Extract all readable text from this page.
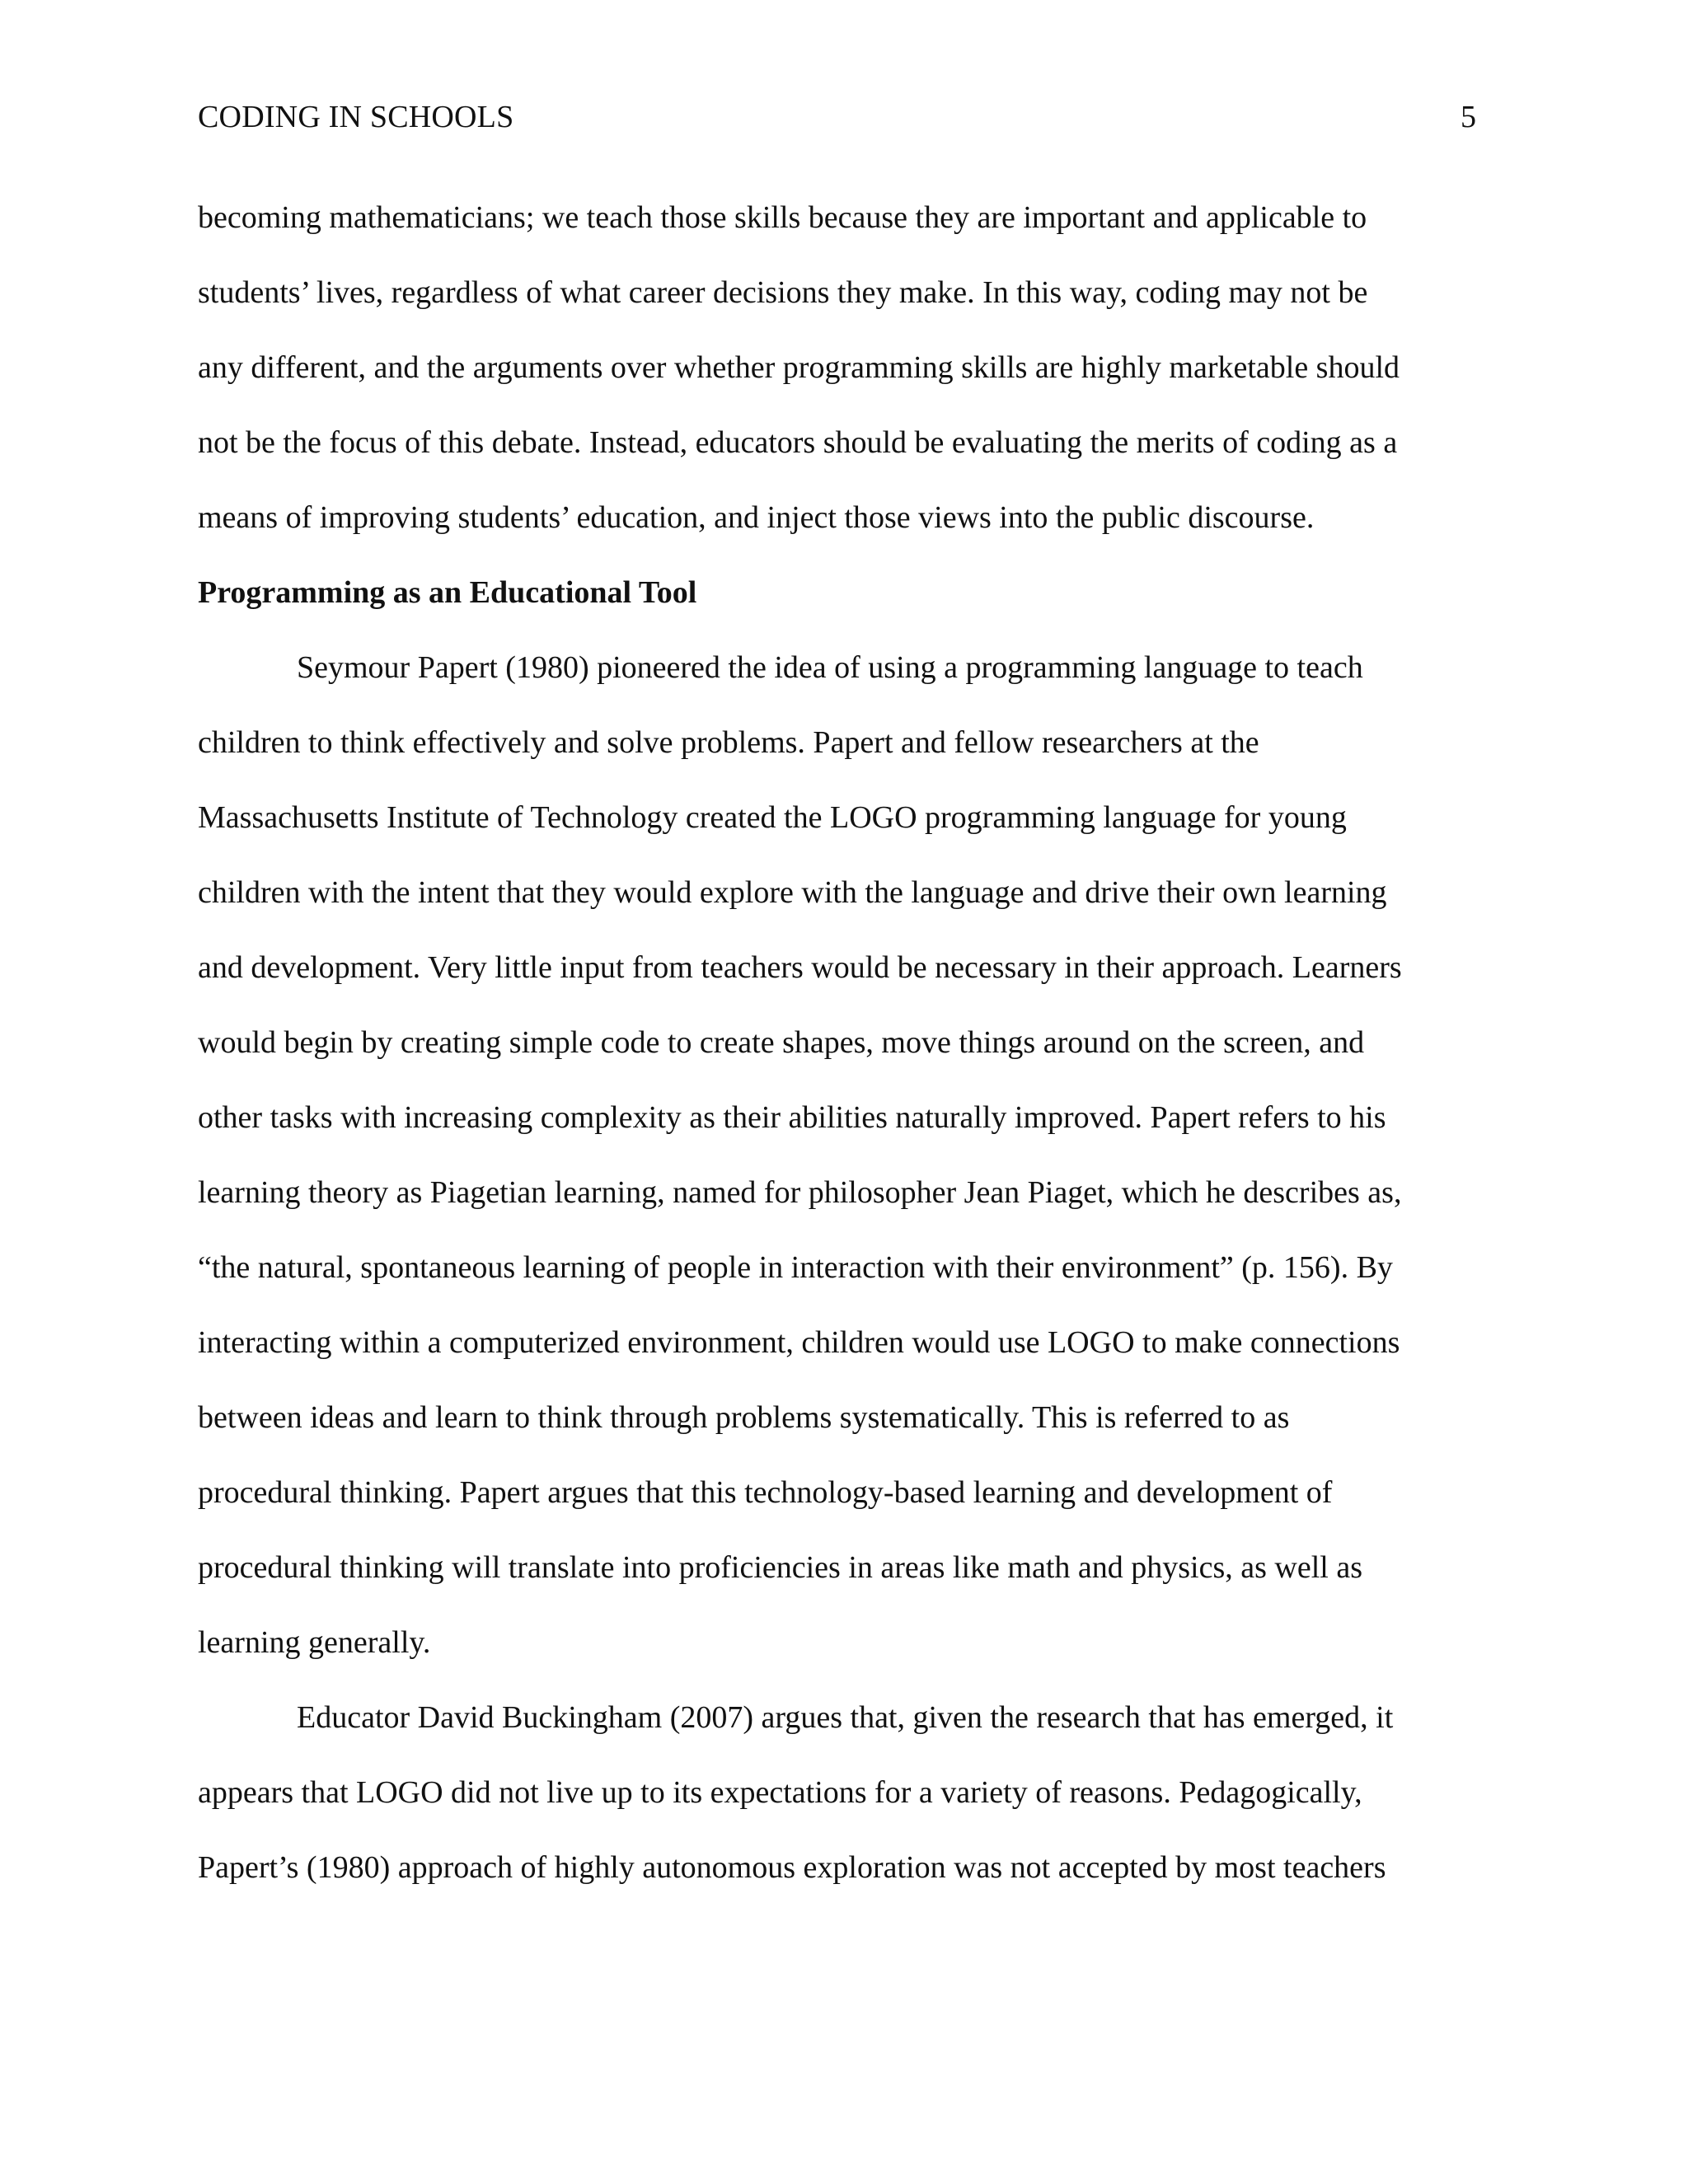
CODING IN SCHOOLS	5
becoming mathematicians; we teach those skills because they are important and applicable to
students’ lives, regardless of what career decisions they make. In this way, coding may not be
any different, and the arguments over whether programming skills are highly marketable should
not be the focus of this debate. Instead, educators should be evaluating the merits of coding as a
means of improving students’ education, and inject those views into the public discourse.
Programming as an Educational Tool
Seymour Papert (1980) pioneered the idea of using a programming language to teach
children to think effectively and solve problems. Papert and fellow researchers at the
Massachusetts Institute of Technology created the LOGO programming language for young
children with the intent that they would explore with the language and drive their own learning
and development. Very little input from teachers would be necessary in their approach. Learners
would begin by creating simple code to create shapes, move things around on the screen, and
other tasks with increasing complexity as their abilities naturally improved. Papert refers to his
learning theory as Piagetian learning, named for philosopher Jean Piaget, which he describes as,
“the natural, spontaneous learning of people in interaction with their environment” (p. 156). By
interacting within a computerized environment, children would use LOGO to make connections
between ideas and learn to think through problems systematically. This is referred to as
procedural thinking. Papert argues that this technology-based learning and development of
procedural thinking will translate into proficiencies in areas like math and physics, as well as
learning generally.
Educator David Buckingham (2007) argues that, given the research that has emerged, it
appears that LOGO did not live up to its expectations for a variety of reasons. Pedagogically,
Papert’s (1980) approach of highly autonomous exploration was not accepted by most teachers
